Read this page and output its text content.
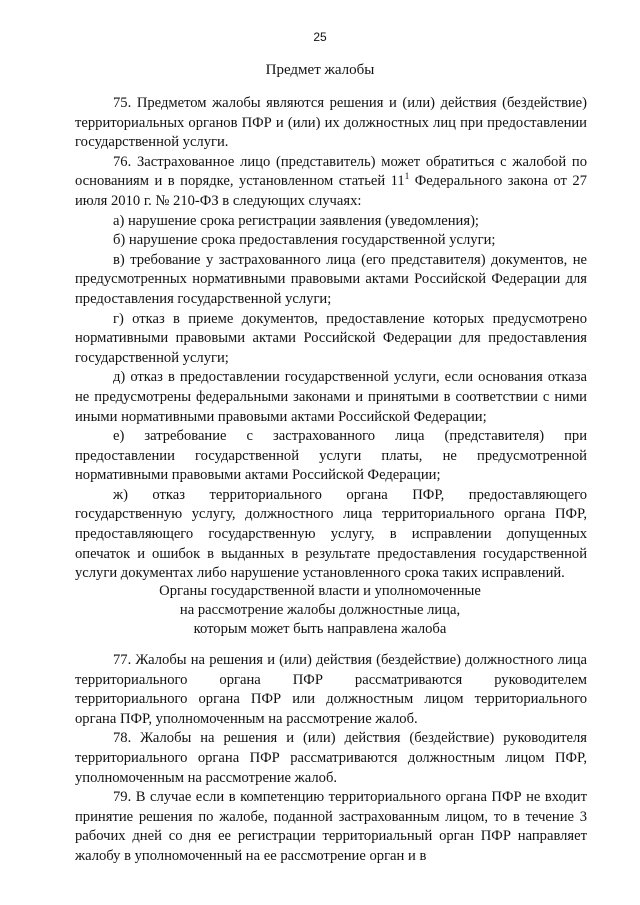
25
Предмет жалобы

75. Предметом жалобы являются решения и (или) действия (бездействие) территориальных органов ПФР и (или) их должностных лиц при предоставлении государственной услуги.

76. Застрахованное лицо (представитель) может обратиться с жалобой по основаниям и в порядке, установленном статьей $11^1$ Федерального закона от 27 июля 2010 г. № 210-ФЗ в следующих случаях:

а) нарушение срока регистрации заявления (уведомления);

б) нарушение срока предоставления государственной услуги;

в) требование у застрахованного лица (его представителя) документов, не предусмотренных нормативными правовыми актами Российской Федерации для предоставления государственной услуги;

г) отказ в приеме документов, предоставление которых предусмотрено нормативными правовыми актами Российской Федерации для предоставления государственной услуги;

д) отказ в предоставлении государственной услуги, если основания отказа не предусмотрены федеральными законами и принятыми в соответствии с ними иными нормативными правовыми актами Российской Федерации;

е) затребование с застрахованного лица (представителя) при предоставлении государственной услуги платы, не предусмотренной нормативными правовыми актами Российской Федерации;

ж) отказ территориального органа ПФР, предоставляющего государственную услугу, должностного лица территориального органа ПФР, предоставляющего государственную услугу, в исправлении допущенных опечаток и ошибок в выданных в результате предоставления государственной услуги документах либо нарушение установленного срока таких исправлений.

Органы государственной власти и уполномоченные
на рассмотрение жалобы должностные лица,
которым может быть направлена жалоба

77. Жалобы на решения и (или) действия (бездействие) должностного лица территориального органа ПФР рассматриваются руководителем территориального органа ПФР или должностным лицом территориального органа ПФР, уполномоченным на рассмотрение жалоб.

78. Жалобы на решения и (или) действия (бездействие) руководителя территориального органа ПФР рассматриваются должностным лицом ПФР, уполномоченным на рассмотрение жалоб.

79. В случае если в компетенцию территориального органа ПФР не входит принятие решения по жалобе, поданной застрахованным лицом, то в течение 3 рабочих дней со дня ее регистрации территориальный орган ПФР направляет жалобу в уполномоченный на ее рассмотрение орган и в
